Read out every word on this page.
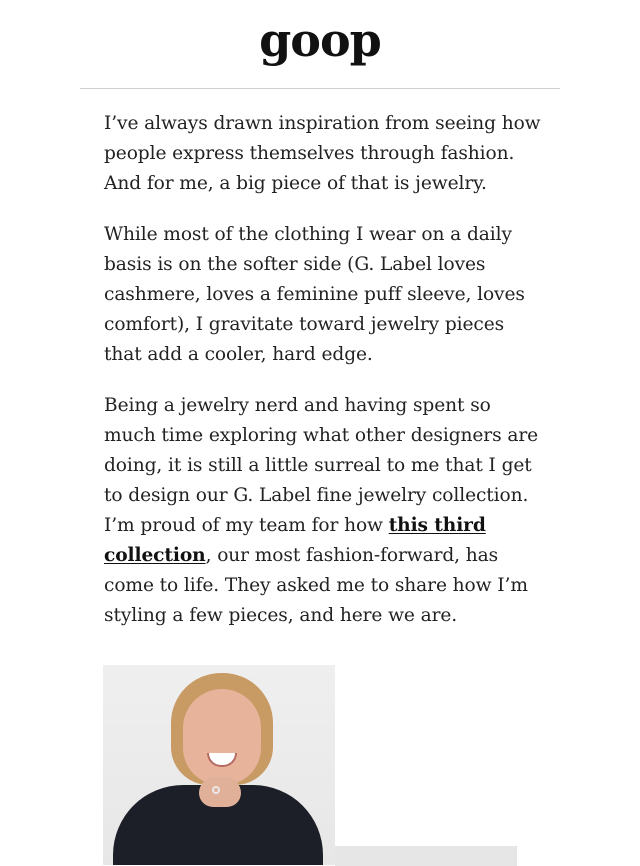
goop

I’ve always drawn inspiration from seeing how people express themselves through fashion. And for me, a big piece of that is jewelry.

While most of the clothing I wear on a daily basis is on the softer side (G. Label loves cashmere, loves a feminine puff sleeve, loves comfort), I gravitate toward jewelry pieces that add a cooler, hard edge.

Being a jewelry nerd and having spent so much time exploring what other designers are doing, it is still a little surreal to me that I get to design our G. Label fine jewelry collection. I’m proud of my team for how this third collection, our most fashion-forward, has come to life. They asked me to share how I’m styling a few pieces, and here we are.
